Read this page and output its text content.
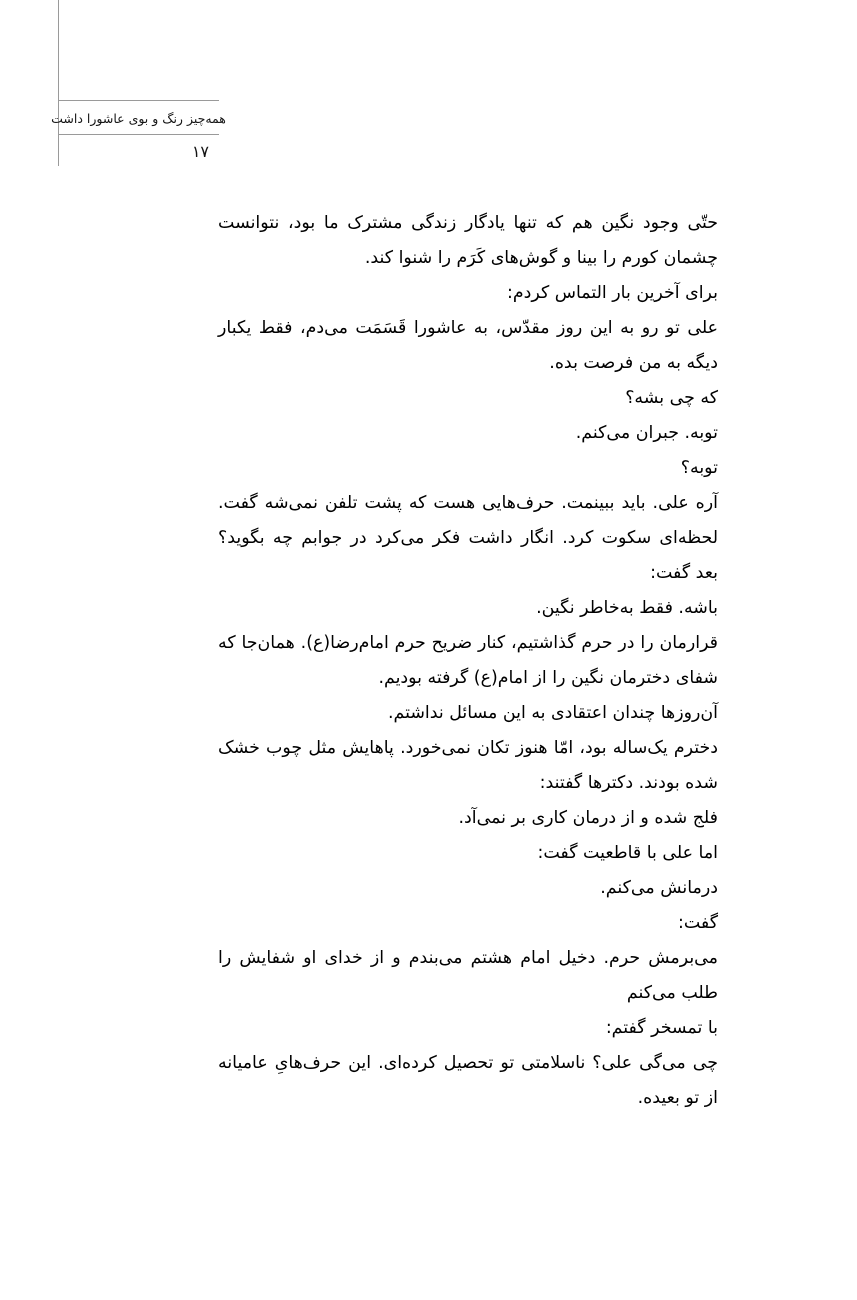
همه‌چیز رنگ و بوی عاشورا داشت
۱۷
حتّی وجود نگین هم که تنها یادگار زندگی مشترک ما بود، نتوانست چشمان کورم را بینا و گوش‌های کَرَم را شنوا کند.
برای آخرین بار التماس کردم:
علی تو رو به این روز مقدّس، به عاشورا قَسَمَت می‌دم، فقط یکبار دیگه به من فرصت بده.
که چی بشه؟
توبه. جبران می‌کنم.
توبه؟
آره علی. باید ببینمت. حرف‌هایی هست که پشت تلفن نمی‌شه گفت.
لحظه‌ای سکوت کرد. انگار داشت فکر می‌کرد در جوابم چه بگوید؟
بعد گفت:
باشه. فقط به‌خاطر نگین.
قرارمان را در حرم گذاشتیم، کنار ضریح حرم امام‌رضا(ع). همان‌جا که شفای دخترمان نگین را از امام(ع) گرفته بودیم.
آن‌روزها چندان اعتقادی به این مسائل نداشتم.
دخترم یک‌ساله بود، امّا هنوز تکان نمی‌خورد. پاهایش مثل چوب خشک شده بودند. دکترها گفتند:
فلج شده و از درمان کاری بر نمی‌آد.
اما علی با قاطعیت گفت:
درمانش می‌کنم.
گفت:
می‌برمش حرم. دخیل امام هشتم می‌بندم و از خدای او شفایش را طلب می‌کنم
با تمسخر گفتم:
چی می‌گی علی؟ ناسلامتی تو تحصیل کرده‌ای. این حرف‌هایِ عامیانه از تو بعیده.
